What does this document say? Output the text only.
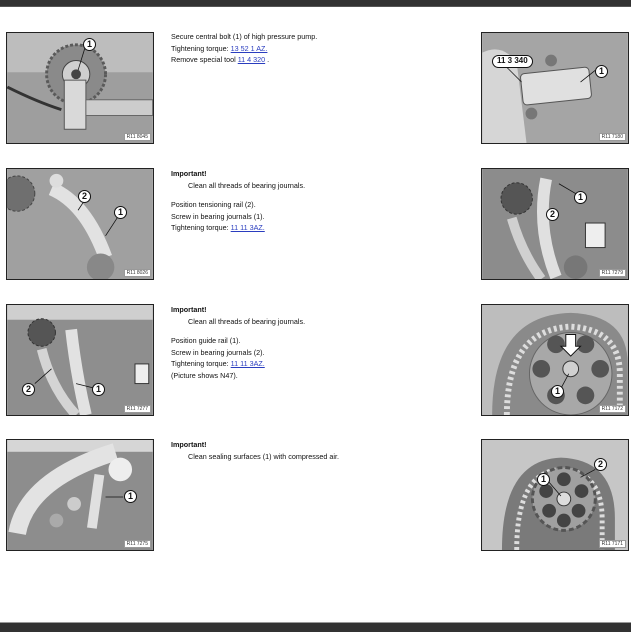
1
R11 8045
Secure central bolt (1) of high pressure pump.
Tightening torque: 13 52 1 AZ.
Remove special tool 11 4 320 .	11 3 340
1
R11 7180
2
1
R11 8026
Important!
Clean all threads of bearing journals.
Position tensioning rail (2).
Screw in bearing journals (1).
Tightening torque: 11 11 3AZ.
1
2
R11 7279
2	1
R11 7277
Important!
Clean all threads of bearing journals.
Position guide rail (1).
Screw in bearing journals (2).
Tightening torque: 11 11 3AZ.
(Picture shows N47).
1
R11 7172
1
R11 7275
Important!
Clean sealing surfaces (1) with compressed air.
1
2
R11 7171
